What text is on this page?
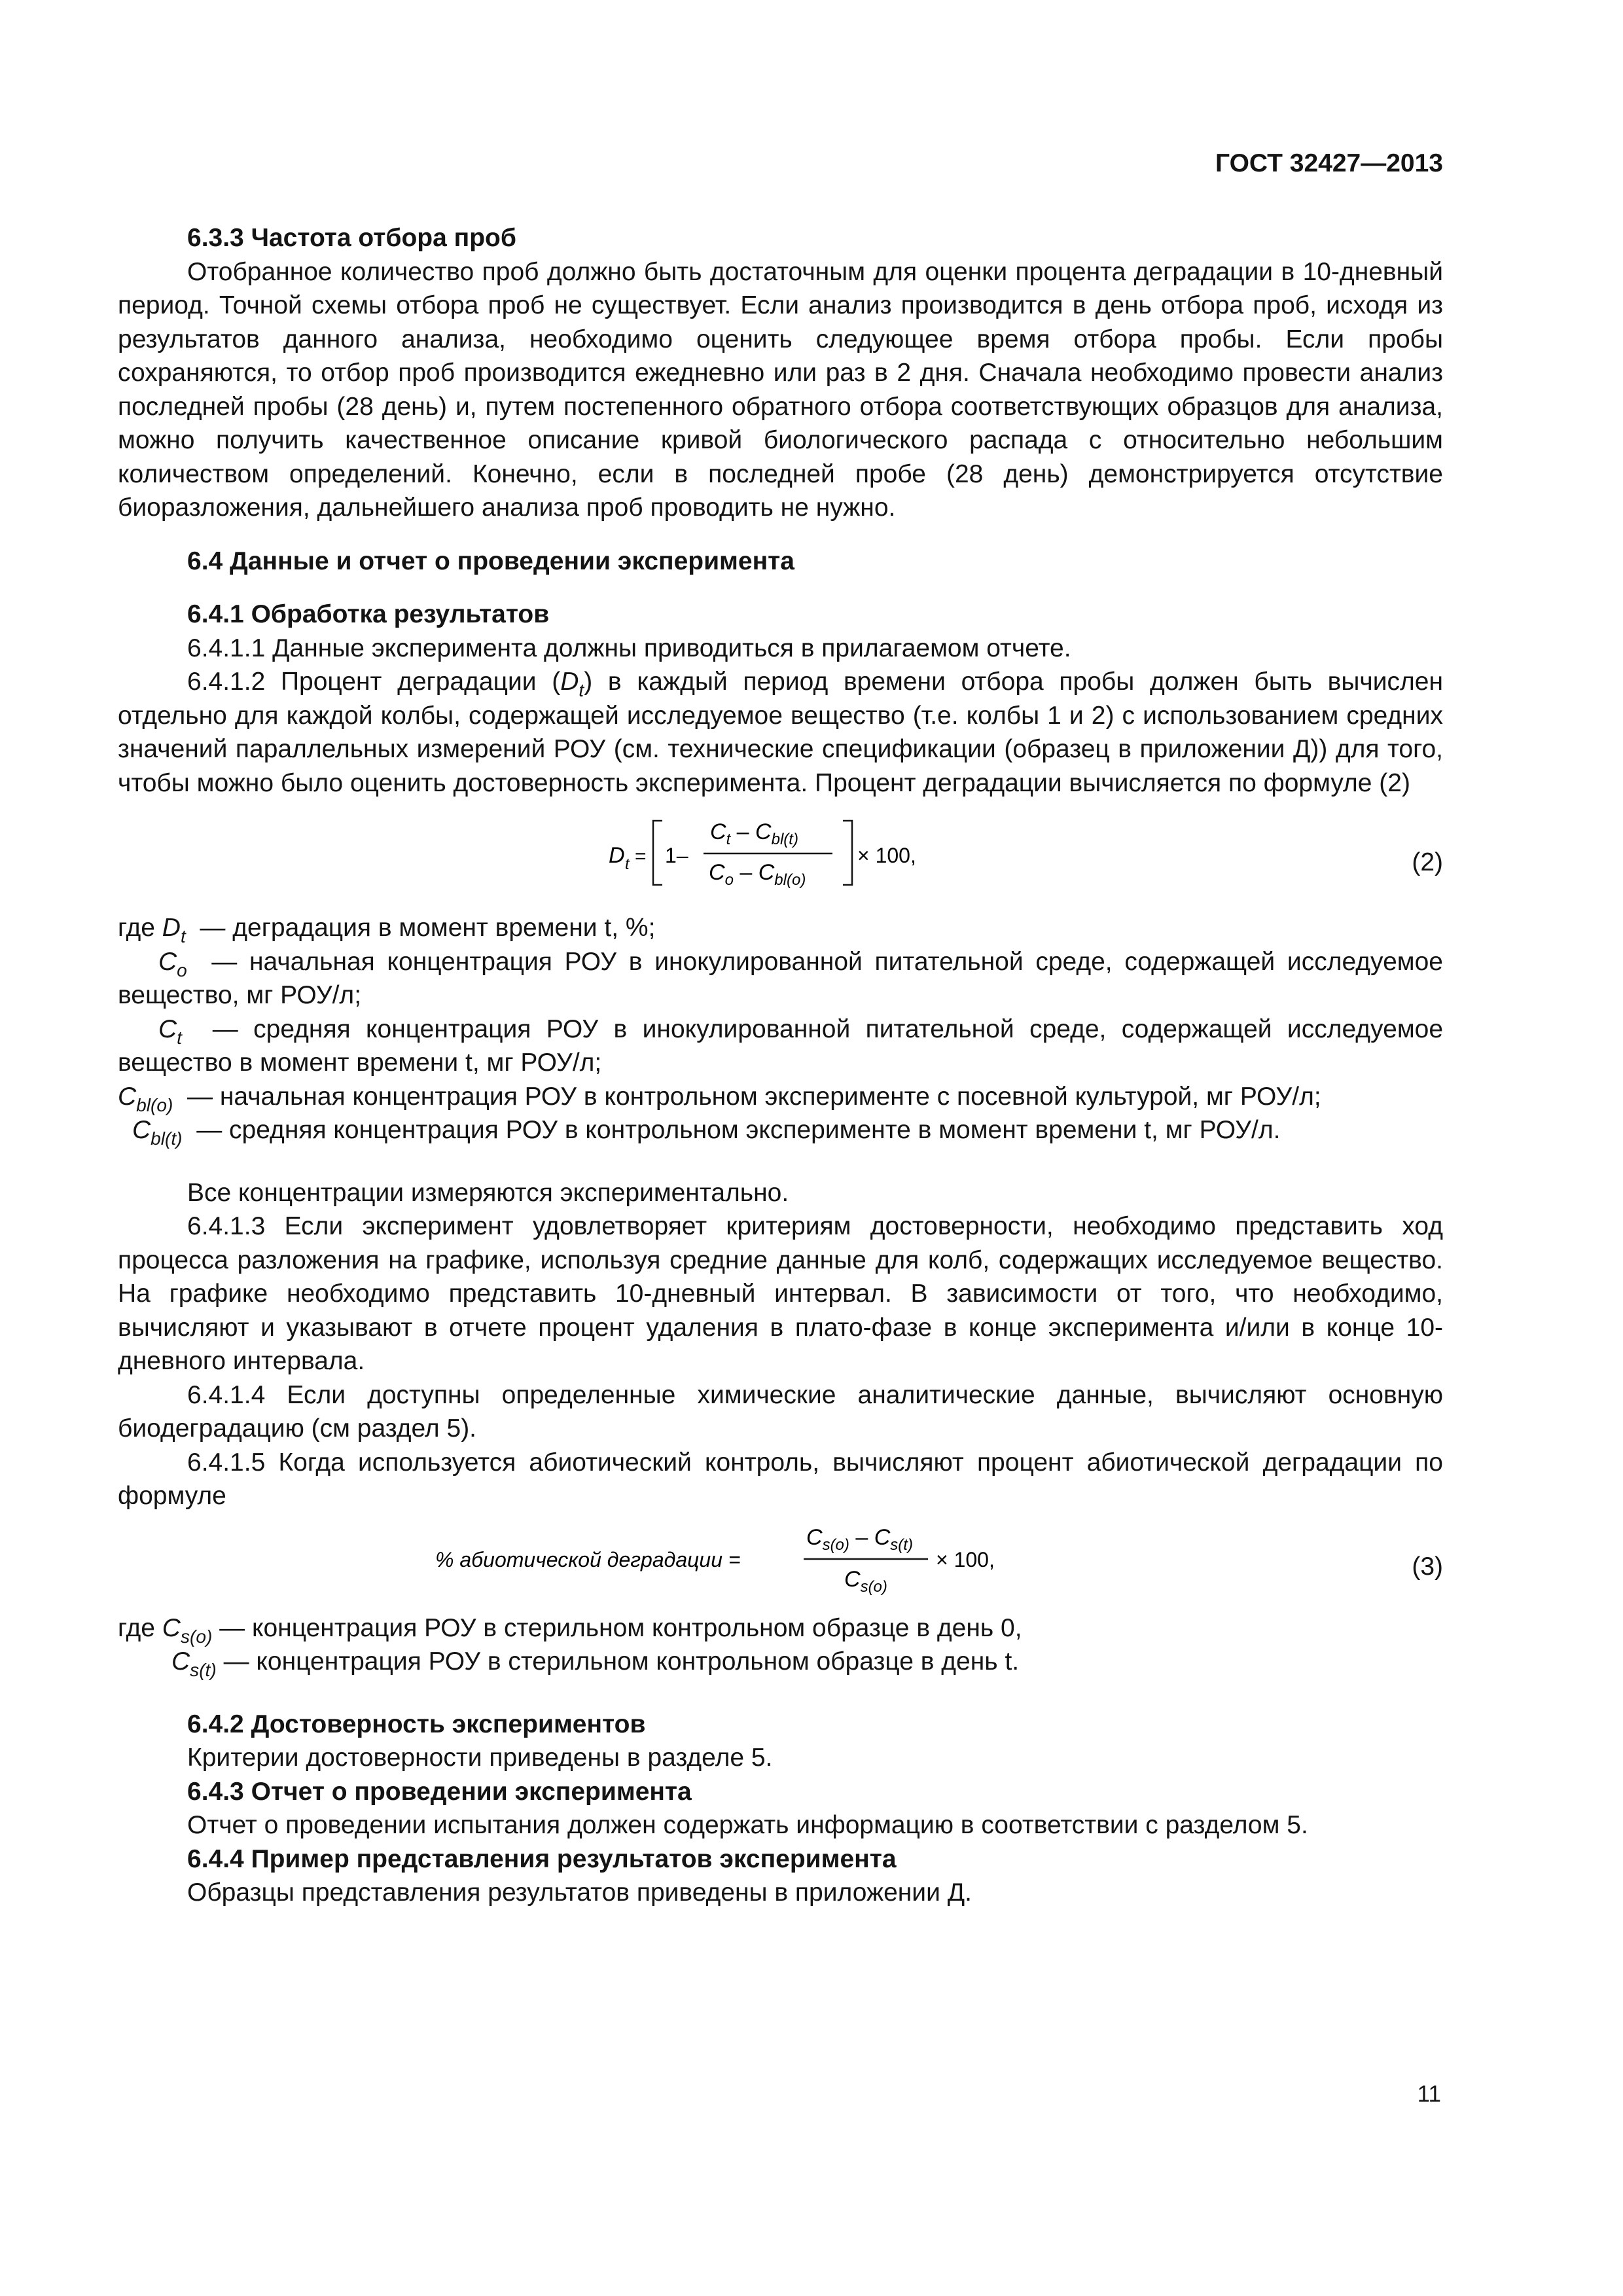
ГОСТ 32427—2013
6.3.3 Частота отбора проб

Отобранное количество проб должно быть достаточным для оценки процента деградации в 10-дневный период. Точной схемы отбора проб не существует. Если анализ производится в день отбора проб, исходя из результатов данного анализа, необходимо оценить следующее время отбора пробы. Если пробы сохраняются, то отбор проб производится ежедневно или раз в 2 дня. Сначала необходимо провести анализ последней пробы (28 день) и, путем постепенного обратного отбора соответствующих образцов для анализа, можно получить качественное описание кривой биологического распада с относительно небольшим количеством определений. Конечно, если в последней пробе (28 день) демонстрируется отсутствие биоразложения, дальнейшего анализа проб проводить не нужно.

6.4 Данные и отчет о проведении эксперимента
6.4.1 Обработка результатов

6.4.1.1 Данные эксперимента должны приводиться в прилагаемом отчете.

6.4.1.2 Процент деградации $(D_t)$ в каждый период времени отбора пробы должен быть вычислен отдельно для каждой колбы, содержащей исследуемое вещество (т.е. колбы 1 и 2) с использованием средних значений параллельных измерений РОУ (см. технические спецификации (образец в приложении Д)) для того, чтобы можно было оценить достоверность эксперимента. Процент деградации вычисляется по формуле (2)

D t = 1–
$C_t - C_{bl(t)}$
$C_o - C_{bl(o)}$
× 100,	(2)

где $D_t$ — деградация в момент времени t, %;

$C_o$ — начальная концентрация РОУ в инокулированной питательной среде, содержащей исследуемое вещество, мг РОУ/л;

$C_t$ — средняя концентрация РОУ в инокулированной питательной среде, содержащей исследуемое вещество в момент времени t, мг РОУ/л;

$C_{bl(o)}$ — начальная концентрация РОУ в контрольном эксперименте с посевной культурой, мг РОУ/л;

$C_{bl(t)}$ — средняя концентрация РОУ в контрольном эксперименте в момент времени t, мг РОУ/л.

Все концентрации измеряются экспериментально.

6.4.1.3 Если эксперимент удовлетворяет критериям достоверности, необходимо представить ход процесса разложения на графике, используя средние данные для колб, содержащих исследуемое вещество. На графике необходимо представить 10-дневный интервал. В зависимости от того, что необходимо, вычисляют и указывают в отчете процент удаления в плато-фазе в конце эксперимента и/или в конце 10-дневного интервала.

6.4.1.4 Если доступны определенные химические аналитические данные, вычисляют основную биодеградацию (см раздел 5).

6.4.1.5 Когда используется абиотический контроль, вычисляют процент абиотической деградации по формуле

% абиотической деградации =
$C_{s(o)} - C_{s(t)}$
$C_{s(o)}$
× 100,	(3)

где $C_{s(o)}$ — концентрация РОУ в стерильном контрольном образце в день 0,

$C_{s(t)}$ — концентрация РОУ в стерильном контрольном образце в день t.

6.4.2 Достоверность экспериментов

Критерии достоверности приведены в разделе 5.

6.4.3 Отчет о проведении эксперимента

Отчет о проведении испытания должен содержать информацию в соответствии с разделом 5.

6.4.4 Пример представления результатов эксперимента

Образцы представления результатов приведены в приложении Д.

11
